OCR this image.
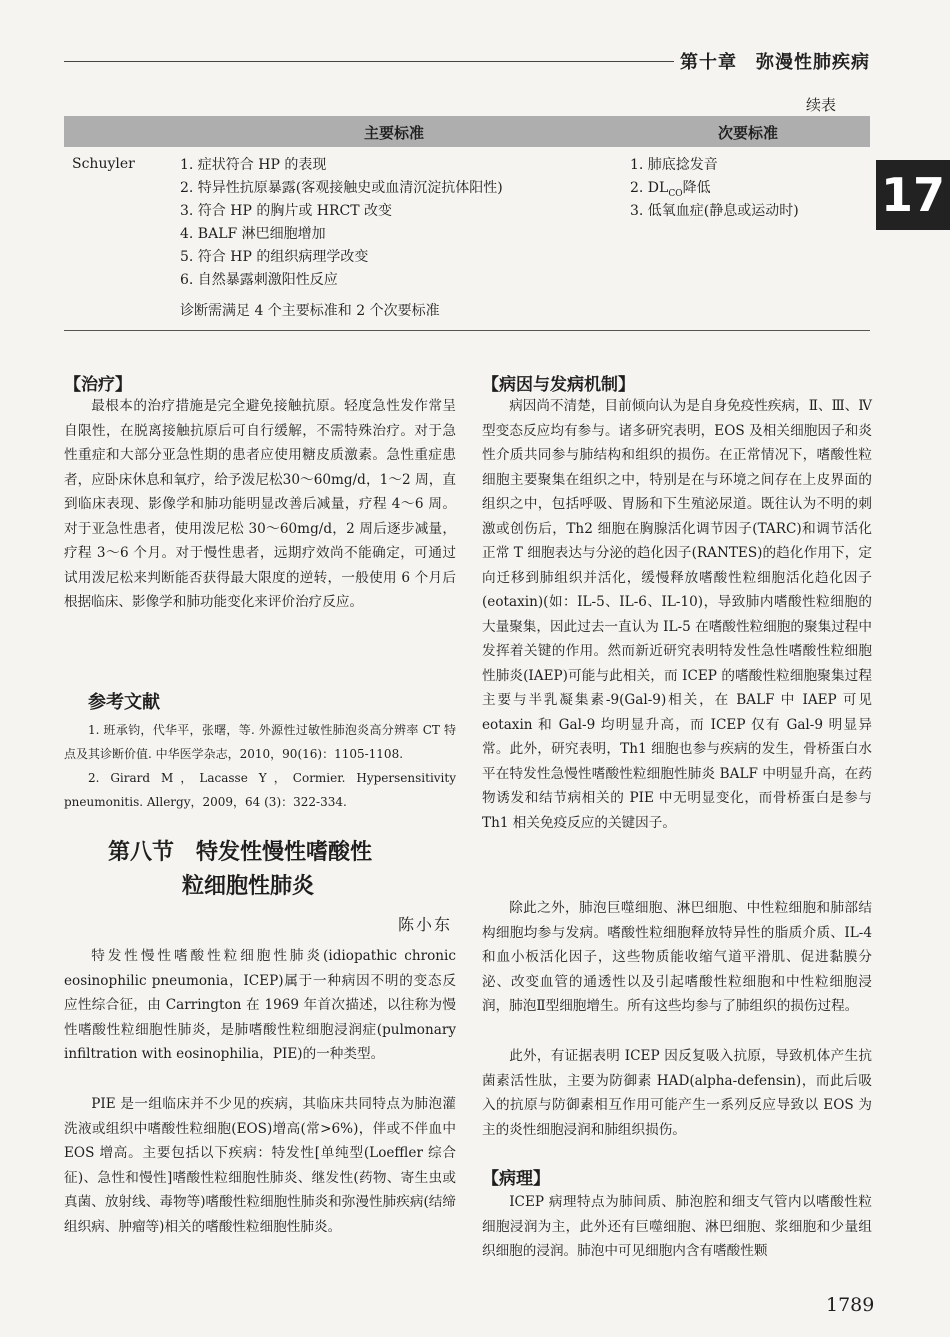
第十章　弥漫性肺疾病
17
续表
主要标准	次要标准
Schuyler	1. 症状符合 HP 的表现
2. 特异性抗原暴露(客观接触史或血清沉淀抗体阳性)
3. 符合 HP 的胸片或 HRCT 改变
4. BALF 淋巴细胞增加
5. 符合 HP 的组织病理学改变
6. 自然暴露刺激阳性反应
1. 肺底捻发音
2. $DL_{CO}$降低
3. 低氧血症(静息或运动时)
诊断需满足 4 个主要标准和 2 个次要标准
【治疗】
最根本的治疗措施是完全避免接触抗原。轻度急性发作常呈自限性，在脱离接触抗原后可自行缓解，不需特殊治疗。对于急性重症和大部分亚急性期的患者应使用糖皮质激素。急性重症患者，应卧床休息和氧疗，给予泼尼松30～60mg/d，1～2 周，直到临床表现、影像学和肺功能明显改善后减量，疗程 4～6 周。对于亚急性患者，使用泼尼松 30～60mg/d，2 周后逐步减量，疗程 3～6 个月。对于慢性患者，远期疗效尚不能确定，可通过试用泼尼松来判断能否获得最大限度的逆转，一般使用 6 个月后根据临床、影像学和肺功能变化来评价治疗反应。
参考文献
1. 班承钧，代华平，张曙，等. 外源性过敏性肺泡炎高分辨率 CT 特点及其诊断价值. 中华医学杂志，2010，90(16)：1105-1108.
2. Girard M，Lacasse Y，Cormier. Hypersensitivity pneumonitis. Allergy，2009，64 (3)：322-334.
第八节　特发性慢性嗜酸性
粒细胞性肺炎
陈小东
特发性慢性嗜酸性粒细胞性肺炎(idiopathic chronic eosinophilic pneumonia，ICEP)属于一种病因不明的变态反应性综合征，由 Carrington 在 1969 年首次描述，以往称为慢性嗜酸性粒细胞性肺炎，是肺嗜酸性粒细胞浸润症(pulmonary infiltration with eosinophilia，PIE)的一种类型。
PIE 是一组临床并不少见的疾病，其临床共同特点为肺泡灌洗液或组织中嗜酸性粒细胞(EOS)增高(常>6%)，伴或不伴血中 EOS 增高。主要包括以下疾病：特发性[单纯型(Loeffler 综合征)、急性和慢性]嗜酸性粒细胞性肺炎、继发性(药物、寄生虫或真菌、放射线、毒物等)嗜酸性粒细胞性肺炎和弥漫性肺疾病(结缔组织病、肿瘤等)相关的嗜酸性粒细胞性肺炎。
【病因与发病机制】
病因尚不清楚，目前倾向认为是自身免疫性疾病，Ⅱ、Ⅲ、Ⅳ型变态反应均有参与。诸多研究表明，EOS 及相关细胞因子和炎性介质共同参与肺结构和组织的损伤。在正常情况下，嗜酸性粒细胞主要聚集在组织之中，特别是在与环境之间存在上皮界面的组织之中，包括呼吸、胃肠和下生殖泌尿道。既往认为不明的刺激或创伤后，Th2 细胞在胸腺活化调节因子(TARC)和调节活化正常 T 细胞表达与分泌的趋化因子(RANTES)的趋化作用下，定向迁移到肺组织并活化，缓慢释放嗜酸性粒细胞活化趋化因子(eotaxin)(如：IL-5、IL-6、IL-10)，导致肺内嗜酸性粒细胞的大量聚集，因此过去一直认为 IL-5 在嗜酸性粒细胞的聚集过程中发挥着关键的作用。然而新近研究表明特发性急性嗜酸性粒细胞性肺炎(IAEP)可能与此相关，而 ICEP 的嗜酸性粒细胞聚集过程主要与半乳凝集素-9(Gal-9)相关，在 BALF 中 IAEP 可见 eotaxin 和 Gal-9 均明显升高，而 ICEP 仅有 Gal-9 明显异常。此外，研究表明，Th1 细胞也参与疾病的发生，骨桥蛋白水平在特发性急慢性嗜酸性粒细胞性肺炎 BALF 中明显升高，在药物诱发和结节病相关的 PIE 中无明显变化，而骨桥蛋白是参与 Th1 相关免疫反应的关键因子。
除此之外，肺泡巨噬细胞、淋巴细胞、中性粒细胞和肺部结构细胞均参与发病。嗜酸性粒细胞释放特异性的脂质介质、IL-4 和血小板活化因子，这些物质能收缩气道平滑肌、促进黏膜分泌、改变血管的通透性以及引起嗜酸性粒细胞和中性粒细胞浸润，肺泡Ⅱ型细胞增生。所有这些均参与了肺组织的损伤过程。
此外，有证据表明 ICEP 因反复吸入抗原，导致机体产生抗菌素活性肽，主要为防御素 HAD(alpha-defensin)，而此后吸入的抗原与防御素相互作用可能产生一系列反应导致以 EOS 为主的炎性细胞浸润和肺组织损伤。
【病理】
ICEP 病理特点为肺间质、肺泡腔和细支气管内以嗜酸性粒细胞浸润为主，此外还有巨噬细胞、淋巴细胞、浆细胞和少量组织细胞的浸润。肺泡中可见细胞内含有嗜酸性颗
1789
